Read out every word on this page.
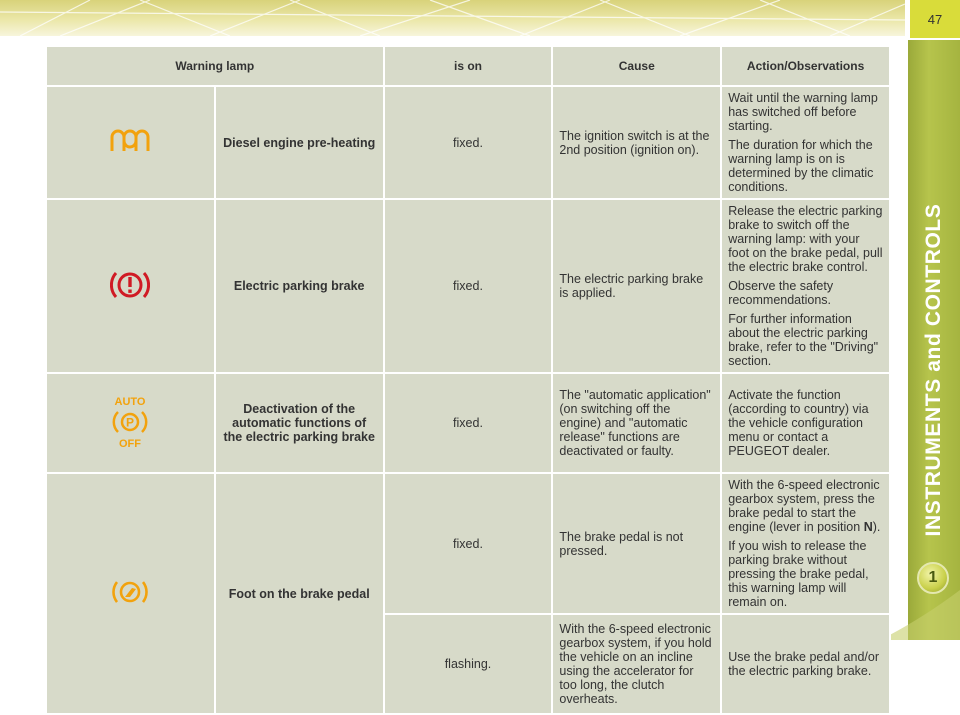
47
INSTRUMENTS and CONTROLS
1
Warning lamp		is on	Cause	Action/Observations
	Diesel engine pre-heating	fixed.	The ignition switch is at the 2nd position (ignition on).	Wait until the warning lamp has switched off before starting.

The duration for which the warning lamp is on is determined by the climatic conditions.

	Electric parking brake	fixed.	The electric parking brake is applied.	Release the electric parking brake to switch off the warning lamp: with your foot on the brake pedal, pull the electric brake control.

Observe the safety recommendations.

For further information about the electric parking brake, refer to the "Driving" section.

AUTO
P
OFF	Deactivation of the automatic functions of the electric parking brake	fixed.	The "automatic application" (on switching off the engine) and "automatic release" functions are deactivated or faulty.	Activate the function (according to country) via the vehicle configuration menu or contact a PEUGEOT dealer.

	Foot on the brake pedal	fixed.	The brake pedal is not pressed.	With the 6-speed electronic gearbox system, press the brake pedal to start the engine (lever in position N).

If you wish to release the parking brake without pressing the brake pedal, this warning lamp will remain on.

		flashing.	With the 6-speed electronic gearbox system, if you hold the vehicle on an incline using the accelerator for too long, the clutch overheats.	Use the brake pedal and/or the electric parking brake.
